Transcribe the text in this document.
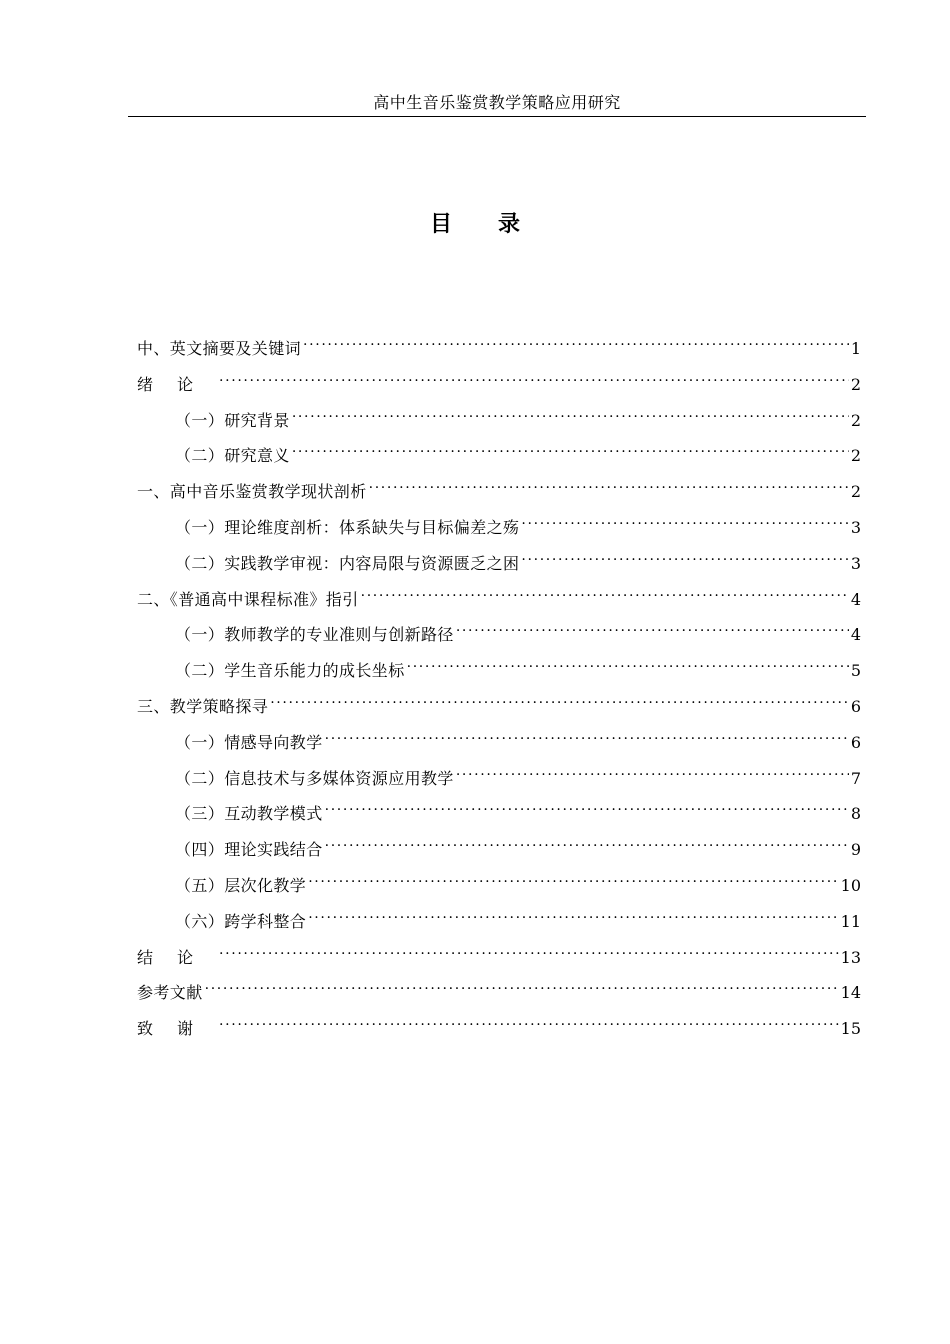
高中生音乐鉴赏教学策略应用研究
目 录
中、英文摘要及关键词 . . .	1
绪论 . . .	2
（一）研究背景 . . .	2
（二）研究意义 . . .	2
一、高中音乐鉴赏教学现状剖析 . . .	2
（一）理论维度剖析：体系缺失与目标偏差之殇 . . .	3
（二）实践教学审视：内容局限与资源匮乏之困 . . .	3
二、《普通高中课程标准》指引 . . .	4
（一）教师教学的专业准则与创新路径 . . .	4
（二）学生音乐能力的成长坐标 . . .	5
三、教学策略探寻 . . .	6
（一）情感导向教学 . . .	6
（二）信息技术与多媒体资源应用教学 . . .	7
（三）互动教学模式 . . .	8
（四）理论实践结合 . . .	9
（五）层次化教学 . . .	10
（六）跨学科整合 . . .	11
结论 . . .	13
参考文献 . . .	14
致谢 . . .	15
